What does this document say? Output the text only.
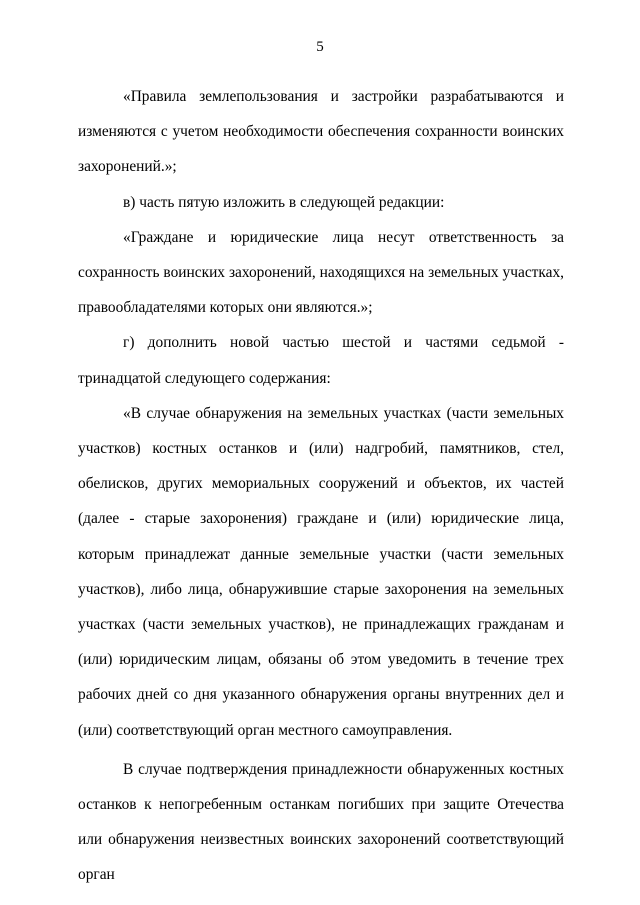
5

«Правила землепользования и застройки разрабатываются и изменяются с учетом необходимости обеспечения сохранности воинских захоронений.»;

в) часть пятую изложить в следующей редакции:

«Граждане и юридические лица несут ответственность за сохранность воинских захоронений, находящихся на земельных участках, правообладателями которых они являются.»;

г) дополнить новой частью шестой и частями седьмой - тринадцатой следующего содержания:

«В случае обнаружения на земельных участках (части земельных участков) костных останков и (или) надгробий, памятников, стел, обелисков, других мемориальных сооружений и объектов, их частей (далее - старые захоронения) граждане и (или) юридические лица, которым принадлежат данные земельные участки (части земельных участков), либо лица, обнаружившие старые захоронения на земельных участках (части земельных участков), не принадлежащих гражданам и (или) юридическим лицам, обязаны об этом уведомить в течение трех рабочих дней со дня указанного обнаружения органы внутренних дел и (или) соответствующий орган местного самоуправления.

В случае подтверждения принадлежности обнаруженных костных останков к непогребенным останкам погибших при защите Отечества или обнаружения неизвестных воинских захоронений соответствующий орган
